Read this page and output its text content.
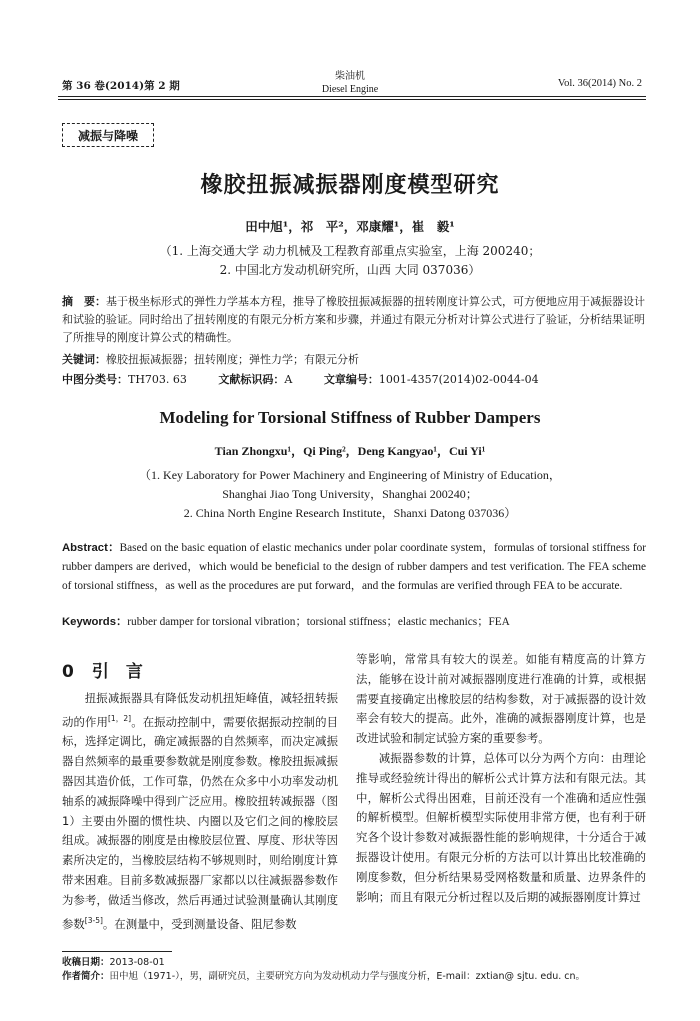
第 36 卷(2014)第 2 期
柴油机
Diesel Engine
Vol. 36(2014) No. 2
减振与降噪
橡胶扭振减振器刚度模型研究
田中旭¹，祁　平²，邓康耀¹，崔　毅¹
（1. 上海交通大学 动力机械及工程教育部重点实验室，上海 200240；
2. 中国北方发动机研究所，山西 大同 037036）
摘　要：基于极坐标形式的弹性力学基本方程，推导了橡胶扭振减振器的扭转刚度计算公式，可方便地应用于减振器设计和试验的验证。同时给出了扭转刚度的有限元分析方案和步骤，并通过有限元分析对计算公式进行了验证，分析结果证明了所推导的刚度计算公式的精确性。
关键词：橡胶扭振减振器；扭转刚度；弹性力学；有限元分析
中图分类号：TH703. 63	文献标识码：A	文章编号：1001-4357(2014)02-0044-04
Modeling for Torsional Stiffness of Rubber Dampers
Tian Zhongxu¹，Qi Ping²，Deng Kangyao¹，Cui Yi¹
（1. Key Laboratory for Power Machinery and Engineering of Ministry of Education，
Shanghai Jiao Tong University，Shanghai 200240；
2. China North Engine Research Institute，Shanxi Datong 037036）
Abstract：Based on the basic equation of elastic mechanics under polar coordinate system，formulas of torsional stiffness for rubber dampers are derived，which would be beneficial to the design of rubber dampers and test verification. The FEA scheme of torsional stiffness，as well as the procedures are put forward，and the formulas are verified through FEA to be accurate.
Keywords：rubber damper for torsional vibration；torsional stiffness；elastic mechanics；FEA
0 引　言

扭振减振器具有降低发动机扭矩峰值，减轻扭转振动的作用[1，2]。在振动控制中，需要依据振动控制的目标，选择定调比，确定减振器的自然频率，而决定减振器自然频率的最重要参数就是刚度参数。橡胶扭振减振器因其造价低，工作可靠，仍然在众多中小功率发动机轴系的减振降噪中得到广泛应用。橡胶扭转减振器（图 1）主要由外圈的惯性块、内圈以及它们之间的橡胶层组成。减振器的刚度是由橡胶层位置、厚度、形状等因素所决定的，当橡胶层结构不够规则时，则给刚度计算带来困难。目前多数减振器厂家都以以往减振器参数作为参考，做适当修改，然后再通过试验测量确认其刚度参数[3-5]。在测量中，受到测量设备、阻尼参数

等影响，常常具有较大的误差。如能有精度高的计算方法，能够在设计前对减振器刚度进行准确的计算，或根据需要直接确定出橡胶层的结构参数，对于减振器的设计效率会有较大的提高。此外，准确的减振器刚度计算，也是改进试验和制定试验方案的重要参考。

减振器参数的计算，总体可以分为两个方向：由理论推导或经验统计得出的解析公式计算方法和有限元法。其中，解析公式得出困难，目前还没有一个准确和适应性强的解析模型。但解析模型实际使用非常方便，也有利于研究各个设计参数对减振器性能的影响规律，十分适合于减振器设计使用。有限元分析的方法可以计算出比较准确的刚度参数，但分析结果易受网格数量和质量、边界条件的影响；而且有限元分析过程以及后期的减振器刚度计算过

收稿日期：2013-08-01
作者简介：田中旭（1971-），男，副研究员，主要研究方向为发动机动力学与强度分析，E-mail：zxtian@ sjtu. edu. cn。
